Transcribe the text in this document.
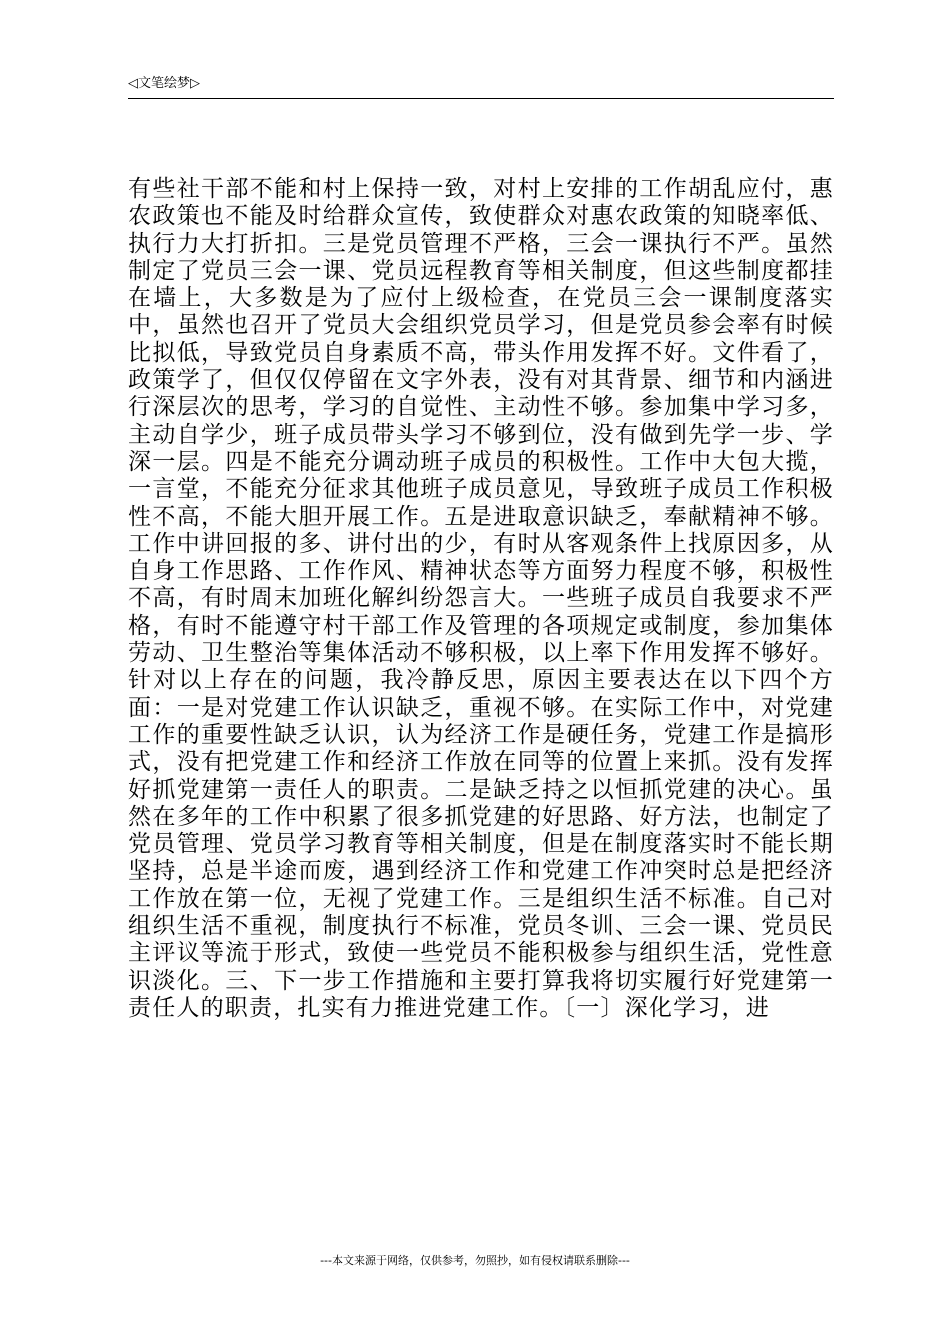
◁文笔绘梦▷

有些社干部不能和村上保持一致，对村上安排的工作胡乱应付，惠农政策也不能及时给群众宣传，致使群众对惠农政策的知晓率低、执行力大打折扣。三是党员管理不严格，三会一课执行不严。虽然制定了党员三会一课、党员远程教育等相关制度，但这些制度都挂在墙上，大多数是为了应付上级检查，在党员三会一课制度落实中，虽然也召开了党员大会组织党员学习，但是党员参会率有时候比拟低，导致党员自身素质不高，带头作用发挥不好。文件看了，政策学了，但仅仅停留在文字外表，没有对其背景、细节和内涵进行深层次的思考，学习的自觉性、主动性不够。参加集中学习多，主动自学少，班子成员带头学习不够到位，没有做到先学一步、学深一层。四是不能充分调动班子成员的积极性。工作中大包大揽，一言堂，不能充分征求其他班子成员意见，导致班子成员工作积极性不高，不能大胆开展工作。五是进取意识缺乏，奉献精神不够。工作中讲回报的多、讲付出的少，有时从客观条件上找原因多，从自身工作思路、工作作风、精神状态等方面努力程度不够，积极性不高，有时周末加班化解纠纷怨言大。一些班子成员自我要求不严格，有时不能遵守村干部工作及管理的各项规定或制度，参加集体劳动、卫生整治等集体活动不够积极，以上率下作用发挥不够好。针对以上存在的问题，我冷静反思，原因主要表达在以下四个方面：一是对党建工作认识缺乏，重视不够。在实际工作中，对党建工作的重要性缺乏认识，认为经济工作是硬任务，党建工作是搞形式，没有把党建工作和经济工作放在同等的位置上来抓。没有发挥好抓党建第一责任人的职责。二是缺乏持之以恒抓党建的决心。虽然在多年的工作中积累了很多抓党建的好思路、好方法，也制定了党员管理、党员学习教育等相关制度，但是在制度落实时不能长期坚持，总是半途而废，遇到经济工作和党建工作冲突时总是把经济工作放在第一位，无视了党建工作。三是组织生活不标准。自己对组织生活不重视，制度执行不标准，党员冬训、三会一课、党员民主评议等流于形式，致使一些党员不能积极参与组织生活，党性意识淡化。三、下一步工作措施和主要打算我将切实履行好党建第一责任人的职责，扎实有力推进党建工作。〔一〕深化学习，进

---本文来源于网络，仅供参考，勿照抄，如有侵权请联系删除---
